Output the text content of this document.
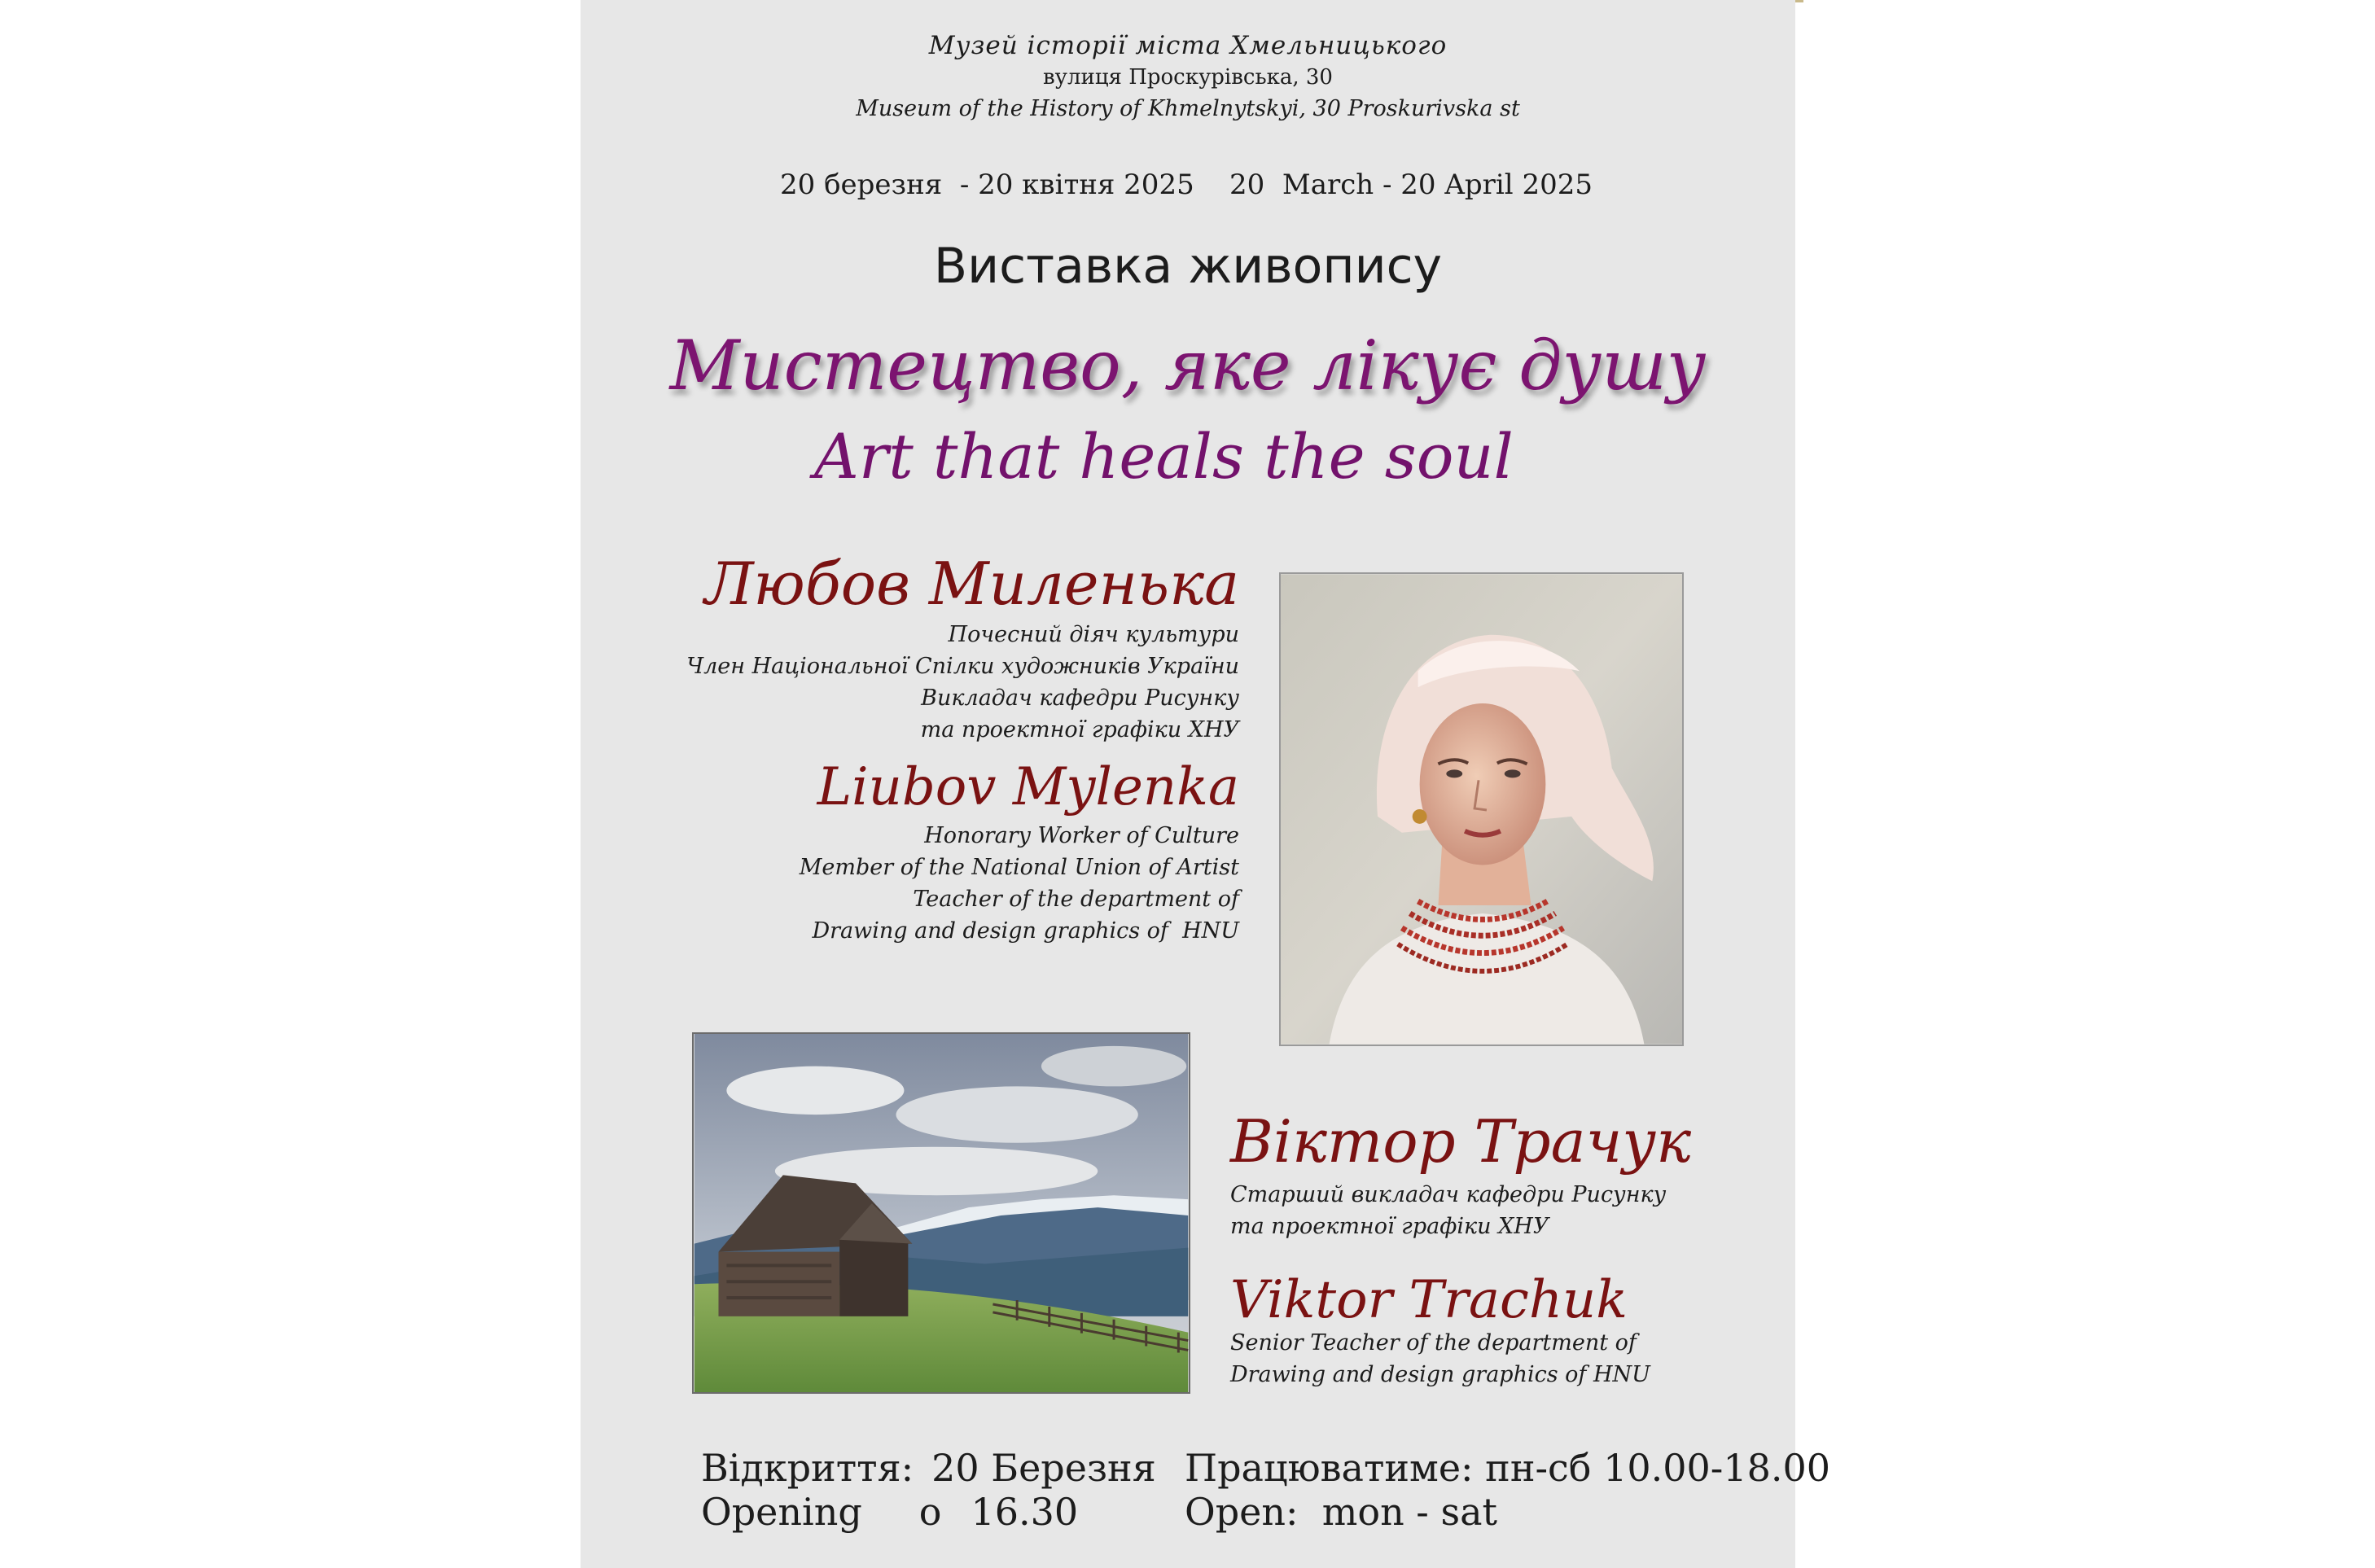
Музей історії міста Хмельницького
вулиця Проскурівська, 30
Museum of the History of Khmelnytskyi, 30 Proskurivska st
20 березня  - 20 квітня 2025 20  March - 20 April 2025
Виставка живопису
Мистецтво, яке лікує душу
Art that heals the soul
Любов Миленька
Почесний діяч культури
Член Національної Спілки художників України
Викладач кафедри Рисунку
та проектної графіки ХНУ
Liubov Mylenka
Honorary Worker of Culture
Member of the National Union of Artist
Teacher of the department of
Drawing and design graphics of  HNU
Віктор Трачук
Старший викладач кафедри Рисунку
та проектної графіки ХНУ
Viktor Trachuk
Senior Teacher of the department of
Drawing and design graphics of HNU
Відкриття: 20 Березня
Opening о 16.30
Працюватиме: пн-сб 10.00-18.00
Open:  mon - sat
